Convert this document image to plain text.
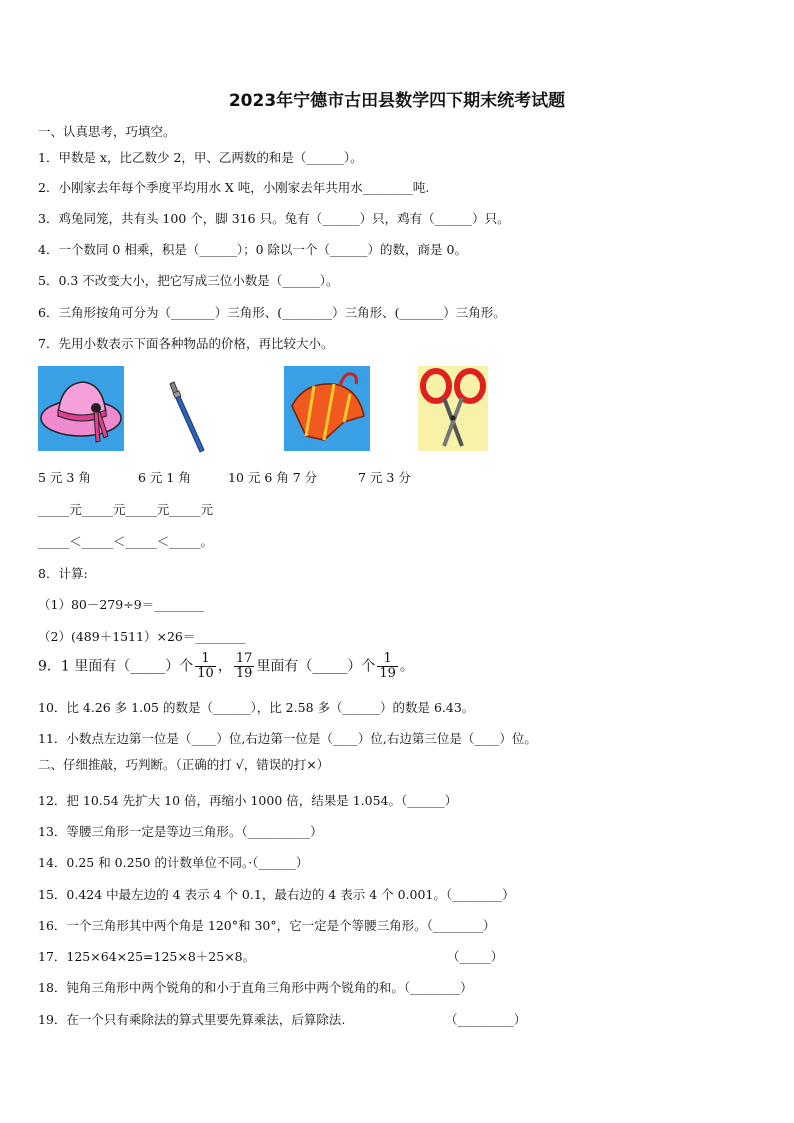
2023年宁德市古田县数学四下期末统考试题
一、认真思考，巧填空。
1．甲数是 x，比乙数少 2，甲、乙两数的和是（______）。
2．小刚家去年每个季度平均用水 X 吨，小刚家去年共用水________吨.
3．鸡兔同笼，共有头 100 个，脚 316 只。兔有（______）只，鸡有（______）只。
4．一个数同 0 相乘，积是（______）；0 除以一个（______）的数，商是 0。
5．0.3 不改变大小，把它写成三位小数是（______）。
6．三角形按角可分为（_______）三角形、(________）三角形、(_______）三角形。
7．先用小数表示下面各种物品的价格，再比较大小。
5 元 3 角	6 元 1 角	10 元 6 角 7 分	7 元 3 分
_____元_____元_____元_____元
_____＜_____＜_____＜_____。
8．计算:
（1）80－279÷9＝________
（2）(489＋1511）×26＝________
9．1 里面有（_____）个 $\frac{1}{10}$ ， $\frac{17}{19}$ 里面有（_____）个 $\frac{1}{19}$ 。
10．比 4.26 多 1.05 的数是（______），比 2.58 多（______）的数是 6.43。
11．小数点左边第一位是（____）位,右边第一位是（____）位,右边第三位是（____）位。
二、仔细推敲，巧判断。（正确的打 √，错误的打×）
12．把 10.54 先扩大 10 倍，再缩小 1000 倍，结果是 1.054。（______）
13．等腰三角形一定是等边三角形。（__________）
14．0.25 和 0.250 的计数单位不同。·（______）
15．0.424 中最左边的 4 表示 4 个 0.1，最右边的 4 表示 4 个 0.001。（________）
16．一个三角形其中两个角是 120°和 30°，它一定是个等腰三角形。（________）
17．125×64×25=125×8＋25×8。	（_____）
18．钝角三角形中两个锐角的和小于直角三角形中两个锐角的和。（________）
19．在一个只有乘除法的算式里要先算乘法，后算除法.	（_________）
